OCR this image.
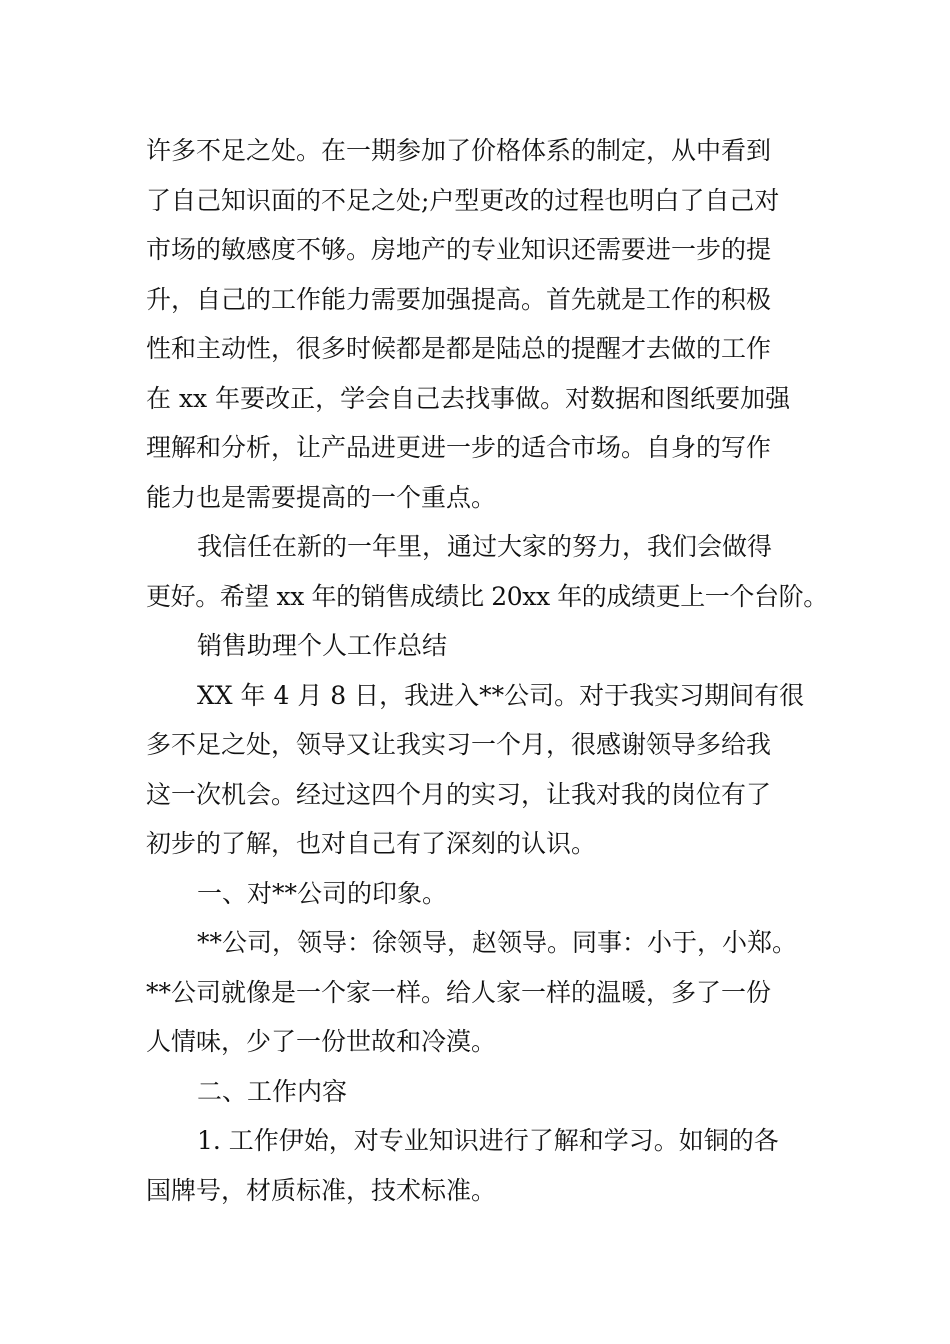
许多不足之处。在一期参加了价格体系的制定，从中看到
了自己知识面的不足之处;户型更改的过程也明白了自己对
市场的敏感度不够。房地产的专业知识还需要进一步的提
升，自己的工作能力需要加强提高。首先就是工作的积极
性和主动性，很多时候都是都是陆总的提醒才去做的工作
在 xx 年要改正，学会自己去找事做。对数据和图纸要加强
理解和分析，让产品进更进一步的适合市场。自身的写作
能力也是需要提高的一个重点。
我信任在新的一年里，通过大家的努力，我们会做得
更好。希望 xx 年的销售成绩比 20xx 年的成绩更上一个台阶。
销售助理个人工作总结
XX 年 4 月 8 日，我进入**公司。对于我实习期间有很
多不足之处，领导又让我实习一个月，很感谢领导多给我
这一次机会。经过这四个月的实习，让我对我的岗位有了
初步的了解，也对自己有了深刻的认识。
一、对**公司的印象。
**公司，领导：徐领导，赵领导。同事：小于，小郑。
**公司就像是一个家一样。给人家一样的温暖，多了一份
人情味，少了一份世故和冷漠。
二、工作内容
1. 工作伊始，对专业知识进行了解和学习。如铜的各
国牌号，材质标准，技术标准。
